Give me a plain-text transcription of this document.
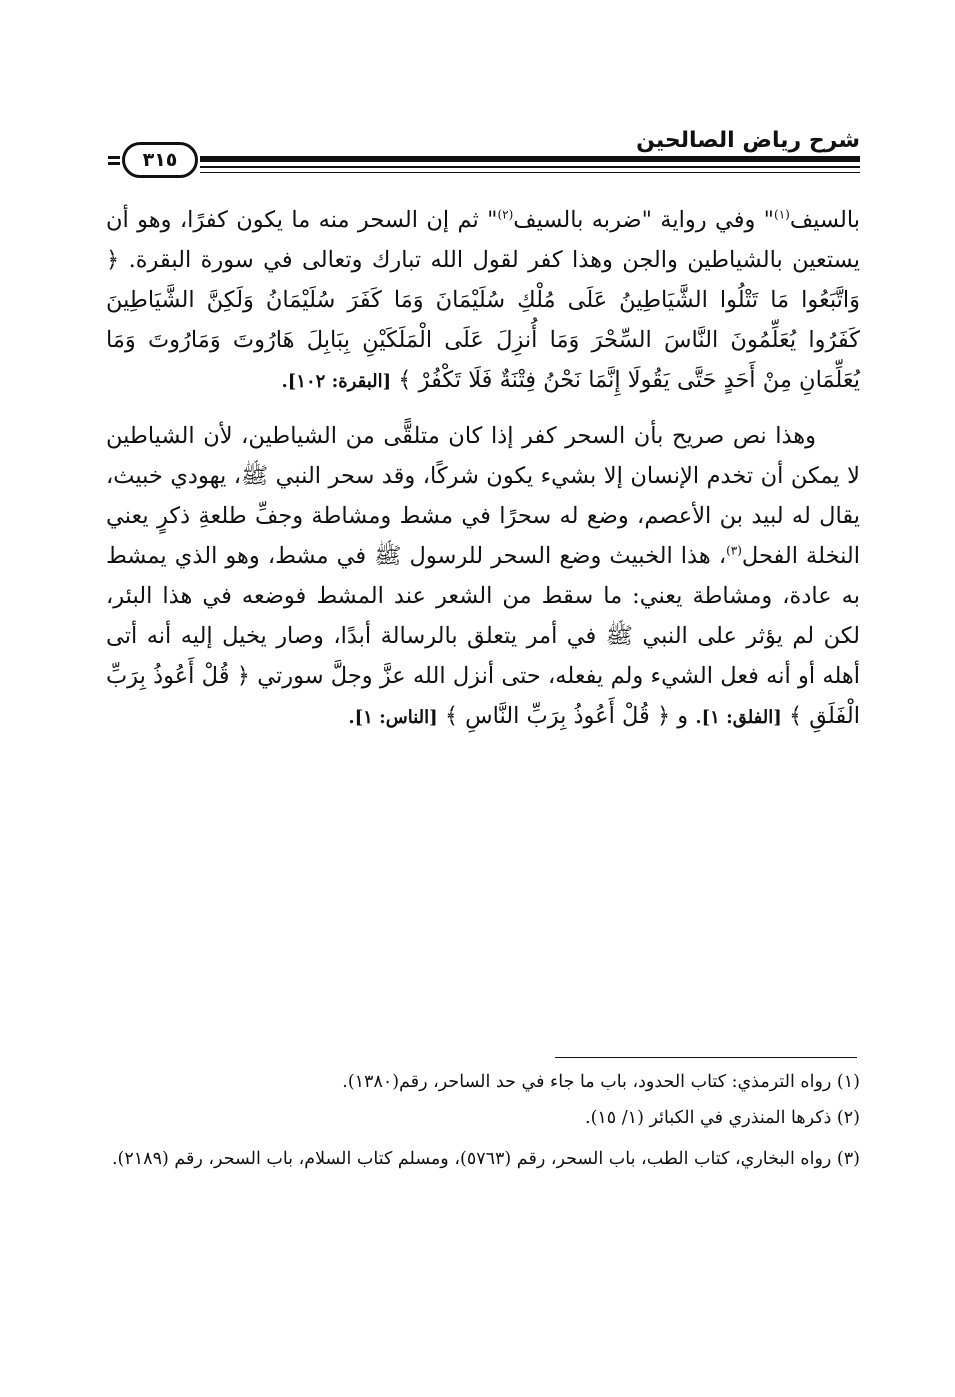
شرح رياض الصالحين
٣١٥

بالسيف$^{(١)}$" وفي رواية "ضربه بالسيف$^{(٢)}$" ثم إن السحر منه ما يكون كفرًا، وهو أن يستعين بالشياطين والجن وهذا كفر لقول الله تبارك وتعالى في سورة البقرة. ﴿ وَاتَّبَعُوا مَا تَتْلُوا الشَّيَاطِينُ عَلَى مُلْكِ سُلَيْمَانَ وَمَا كَفَرَ سُلَيْمَانُ وَلَكِنَّ الشَّيَاطِينَ كَفَرُوا يُعَلِّمُونَ النَّاسَ السِّحْرَ وَمَا أُنزِلَ عَلَى الْمَلَكَيْنِ بِبَابِلَ هَارُوتَ وَمَارُوتَ وَمَا يُعَلِّمَانِ مِنْ أَحَدٍ حَتَّى يَقُولَا إِنَّمَا نَحْنُ فِتْنَةٌ فَلَا تَكْفُرْ ﴾ [البقرة: ١٠٢].

وهذا نص صريح بأن السحر كفر إذا كان متلقًّى من الشياطين، لأن الشياطين لا يمكن أن تخدم الإنسان إلا بشيء يكون شركًا، وقد سحر النبي ﷺ، يهودي خبيث، يقال له لبيد بن الأعصم، وضع له سحرًا في مشط ومشاطة وجفِّ طلعةِ ذكرٍ يعني النخلة الفحل$^{(٣)}$، هذا الخبيث وضع السحر للرسول ﷺ في مشط، وهو الذي يمشط به عادة، ومشاطة يعني: ما سقط من الشعر عند المشط فوضعه في هذا البئر، لكن لم يؤثر على النبي ﷺ في أمر يتعلق بالرسالة أبدًا، وصار يخيل إليه أنه أتى أهله أو أنه فعل الشيء ولم يفعله، حتى أنزل الله عزَّ وجلَّ سورتي ﴿ قُلْ أَعُوذُ بِرَبِّ الْفَلَقِ ﴾ [الفلق: ١]. و ﴿ قُلْ أَعُوذُ بِرَبِّ النَّاسِ ﴾ [الناس: ١].

(١) رواه الترمذي: كتاب الحدود، باب ما جاء في حد الساحر، رقم(١٣٨٠).

(٢) ذكرها المنذري في الكبائر (١/ ١٥).

(٣) رواه البخاري، كتاب الطب، باب السحر، رقم (٥٧٦٣)، ومسلم كتاب السلام، باب السحر، رقم (٢١٨٩).
